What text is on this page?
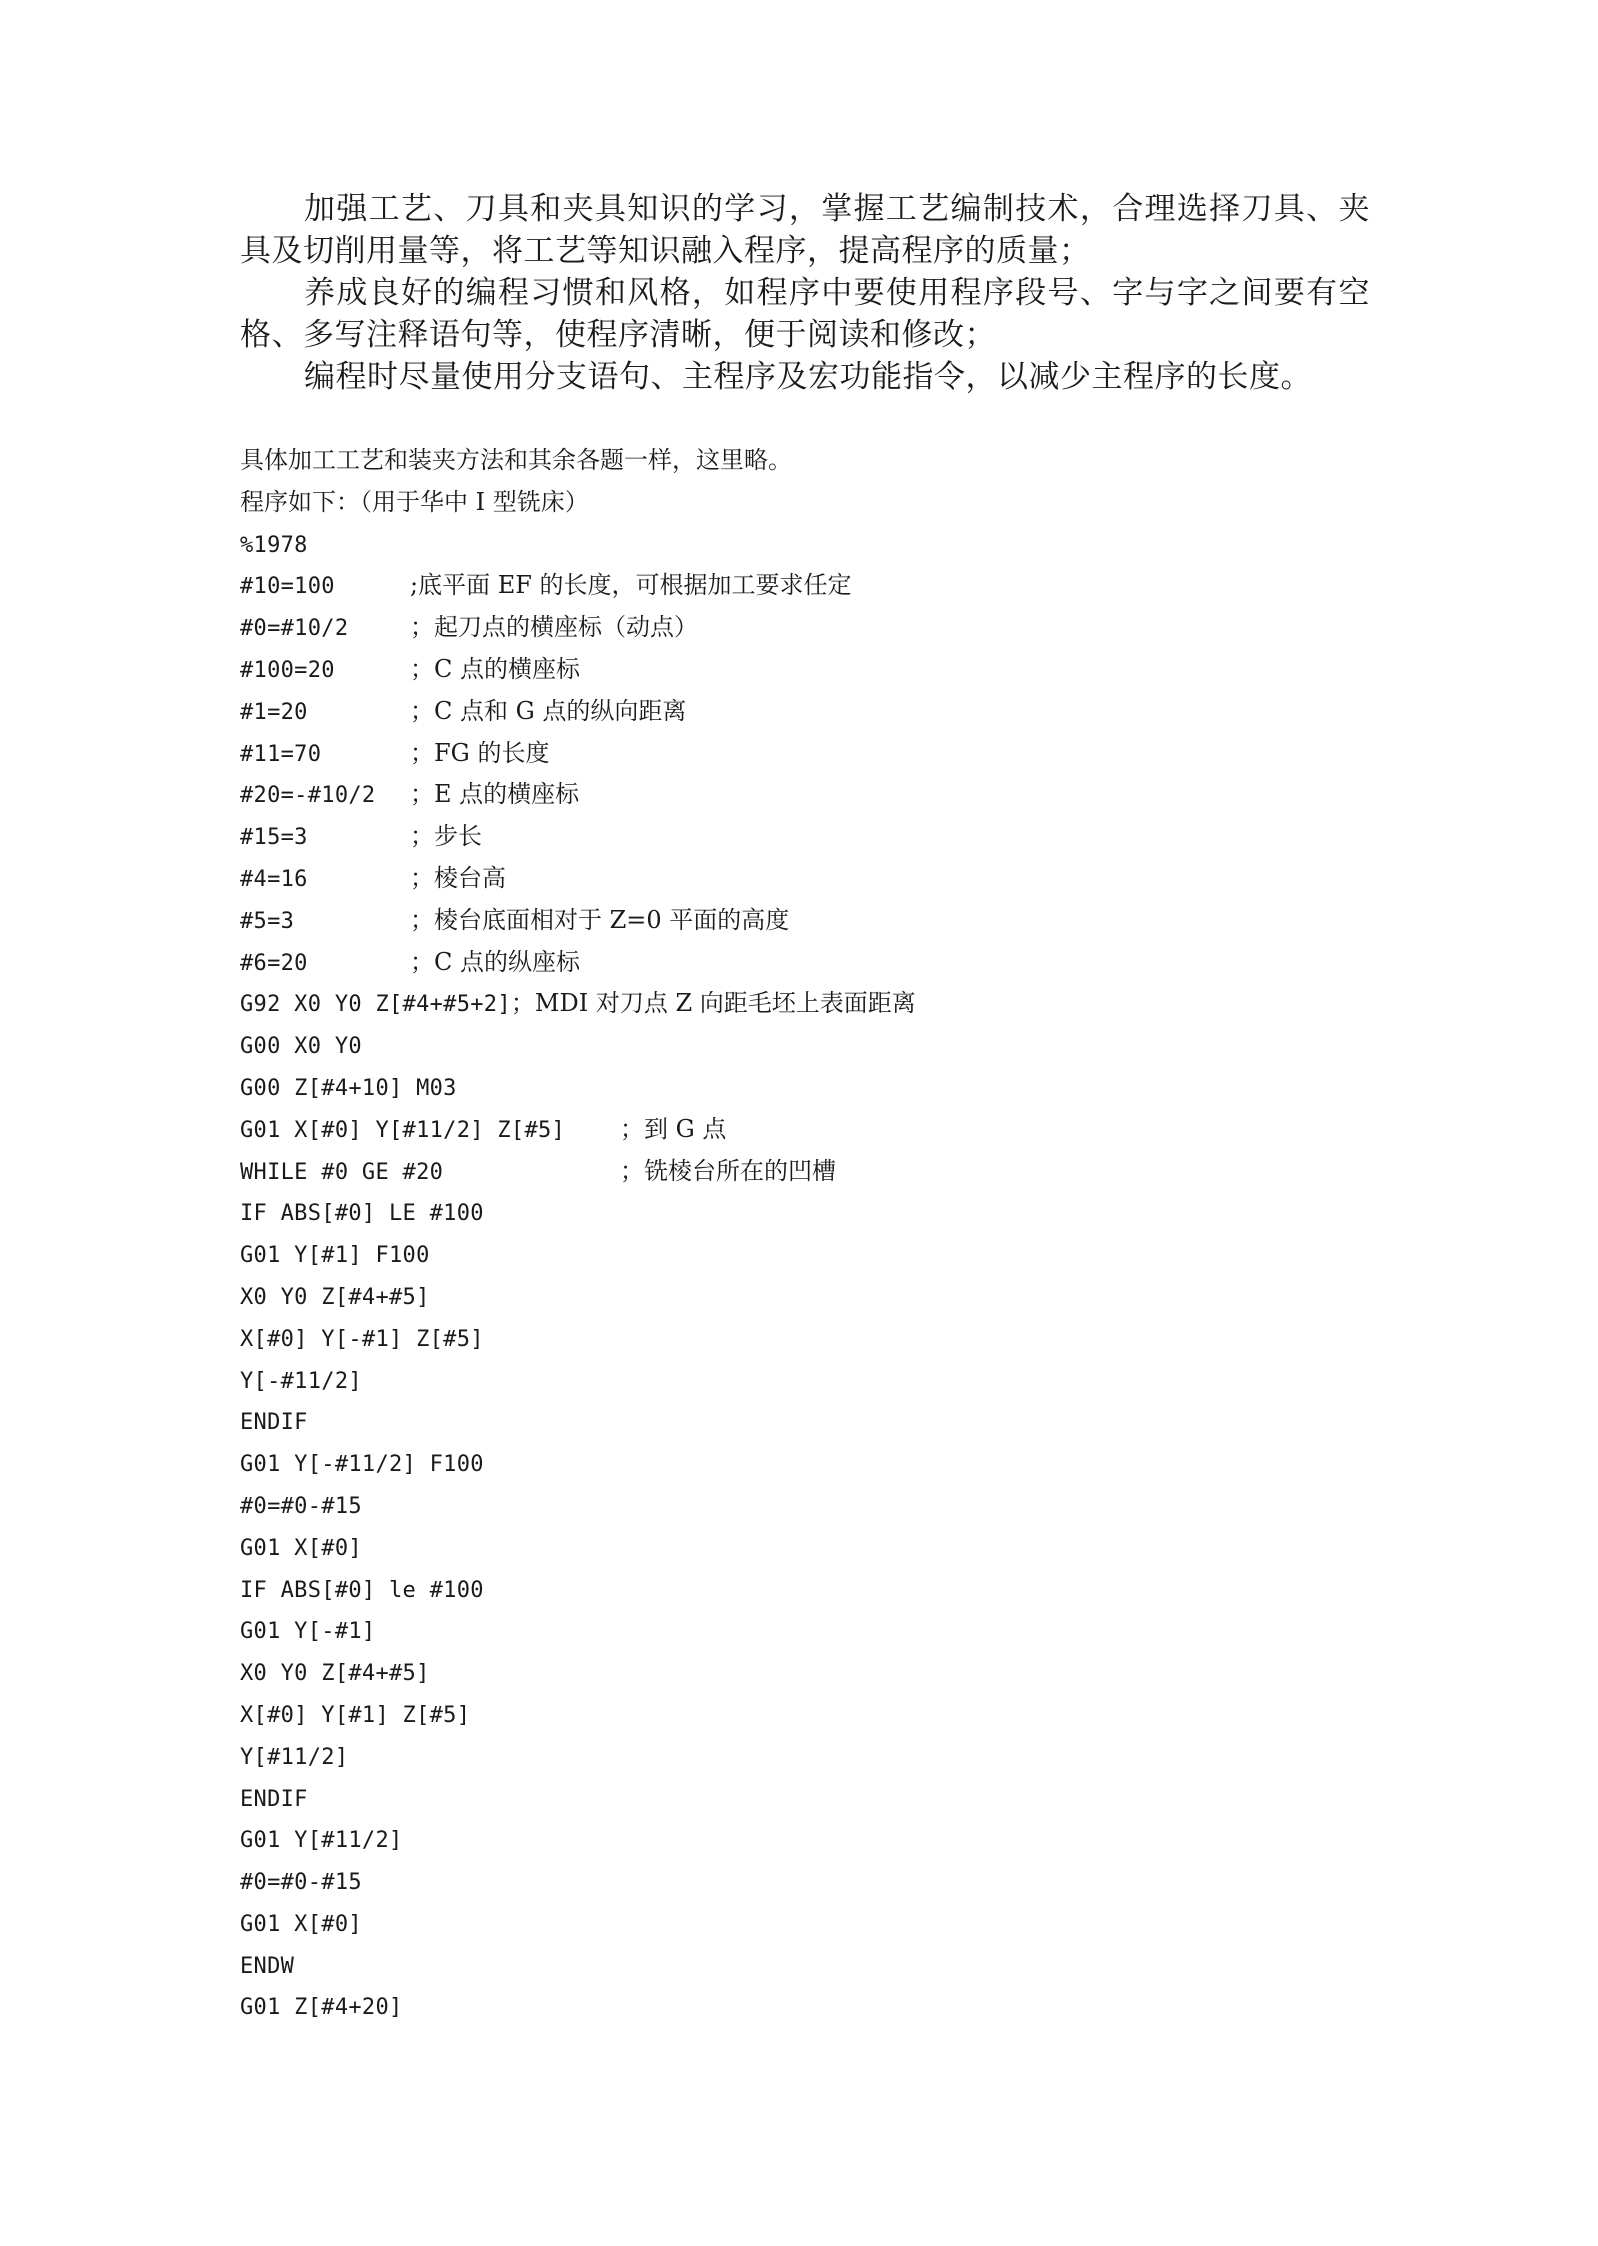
加强工艺、刀具和夹具知识的学习，掌握工艺编制技术，合理选择刀具、夹具及切削用量等，将工艺等知识融入程序，提高程序的质量；

养成良好的编程习惯和风格，如程序中要使用程序段号、字与字之间要有空格、多写注释语句等，使程序清晰，便于阅读和修改；

编程时尽量使用分支语句、主程序及宏功能指令，以减少主程序的长度。

具体加工工艺和装夹方法和其余各题一样，这里略。
程序如下：（用于华中 I 型铣床）
%1978
#10=100	;底平面 EF 的长度，可根据加工要求任定
#0=#10/2	；起刀点的横座标（动点）
#100=20	；C 点的横座标
#1=20	；C 点和 G 点的纵向距离
#11=70	；FG 的长度
#20=-#10/2 ；E 点的横座标
#15=3	；步长
#4=16	；棱台高
#5=3	；棱台底面相对于 Z=0 平面的高度
#6=20	；C 点的纵座标
G92 X0 Y0 Z[#4+#5+2]；MDI 对刀点 Z 向距毛坯上表面距离
G00 X0 Y0
G00 Z[#4+10] M03
G01 X[#0] Y[#11/2] Z[#5] ；到 G 点
WHILE #0 GE #20	；铣棱台所在的凹槽
IF ABS[#0] LE #100
G01 Y[#1] F100
X0 Y0 Z[#4+#5]
X[#0] Y[-#1] Z[#5]
Y[-#11/2]
ENDIF
G01 Y[-#11/2] F100
#0=#0-#15
G01 X[#0]
IF ABS[#0] le #100
G01 Y[-#1]
X0 Y0 Z[#4+#5]
X[#0] Y[#1] Z[#5]
Y[#11/2]
ENDIF
G01 Y[#11/2]
#0=#0-#15
G01 X[#0]
ENDW
G01 Z[#4+20]
